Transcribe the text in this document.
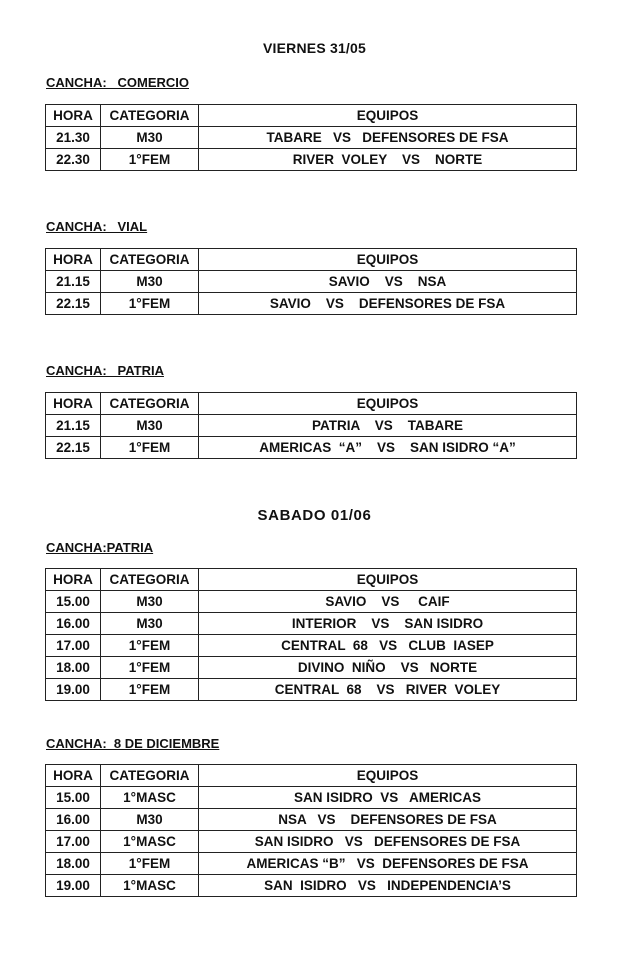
VIERNES 31/05
CANCHA:   COMERCIO
HORA	CATEGORIA	EQUIPOS
21.30	M30	TABARE   VS   DEFENSORES DE FSA
22.30	1°FEM	RIVER  VOLEY    VS    NORTE
CANCHA:   VIAL
HORA	CATEGORIA	EQUIPOS
21.15	M30	SAVIO    VS    NSA
22.15	1°FEM	SAVIO    VS    DEFENSORES DE FSA
CANCHA:   PATRIA
HORA	CATEGORIA	EQUIPOS
21.15	M30	PATRIA    VS    TABARE
22.15	1°FEM	AMERICAS  “A”    VS    SAN ISIDRO “A”
SABADO 01/06
CANCHA:PATRIA
HORA	CATEGORIA	EQUIPOS
15.00	M30	SAVIO    VS     CAIF
16.00	M30	INTERIOR    VS    SAN ISIDRO
17.00	1°FEM	CENTRAL  68   VS   CLUB  IASEP
18.00	1°FEM	DIVINO  NIÑO    VS   NORTE
19.00	1°FEM	CENTRAL  68    VS   RIVER  VOLEY
CANCHA:  8 DE DICIEMBRE
HORA	CATEGORIA	EQUIPOS
15.00	1°MASC	SAN ISIDRO  VS   AMERICAS
16.00	M30	NSA   VS    DEFENSORES DE FSA
17.00	1°MASC	SAN ISIDRO   VS   DEFENSORES DE FSA
18.00	1°FEM	AMERICAS “B”   VS  DEFENSORES DE FSA
19.00	1°MASC	SAN  ISIDRO   VS   INDEPENDENCIA’S
